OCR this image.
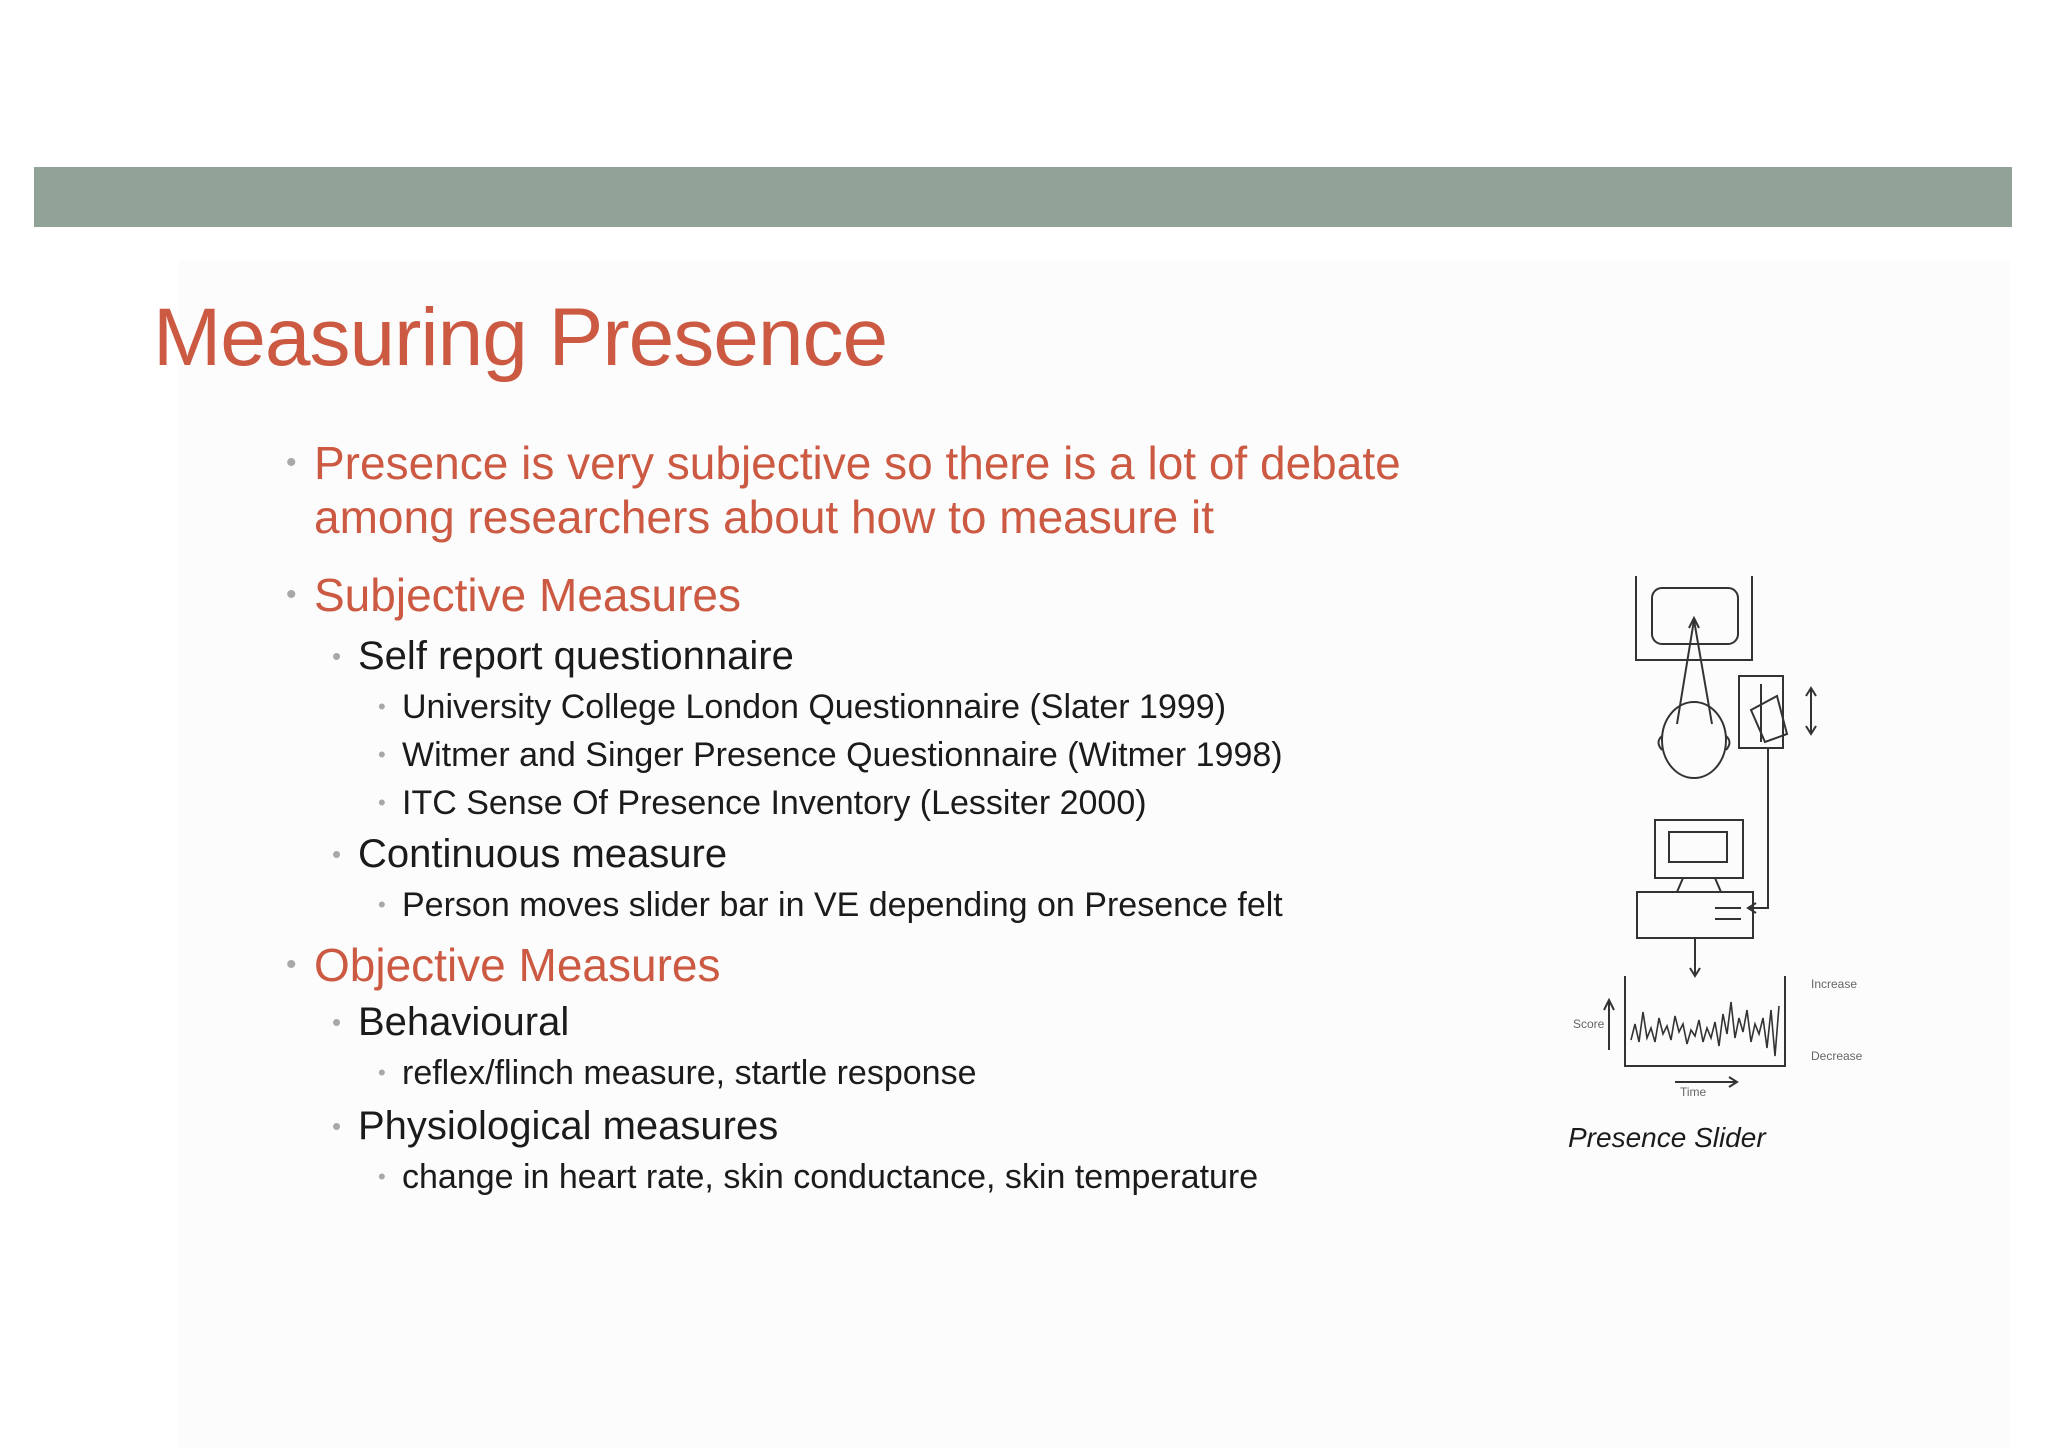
Measuring Presence
• Presence is very subjective so there is a lot of debate
among researchers about how to measure it
• Subjective Measures
• Self report questionnaire
• University College London Questionnaire (Slater 1999)
• Witmer and Singer Presence Questionnaire (Witmer 1998)
• ITC Sense Of Presence Inventory (Lessiter 2000)
• Continuous measure
• Person moves slider bar in VE depending on Presence felt
• Objective Measures
• Behavioural
• reflex/flinch measure, startle response
• Physiological measures
• change in heart rate, skin conductance, skin temperature
Score
Time
Increase
Decrease
Presence Slider
